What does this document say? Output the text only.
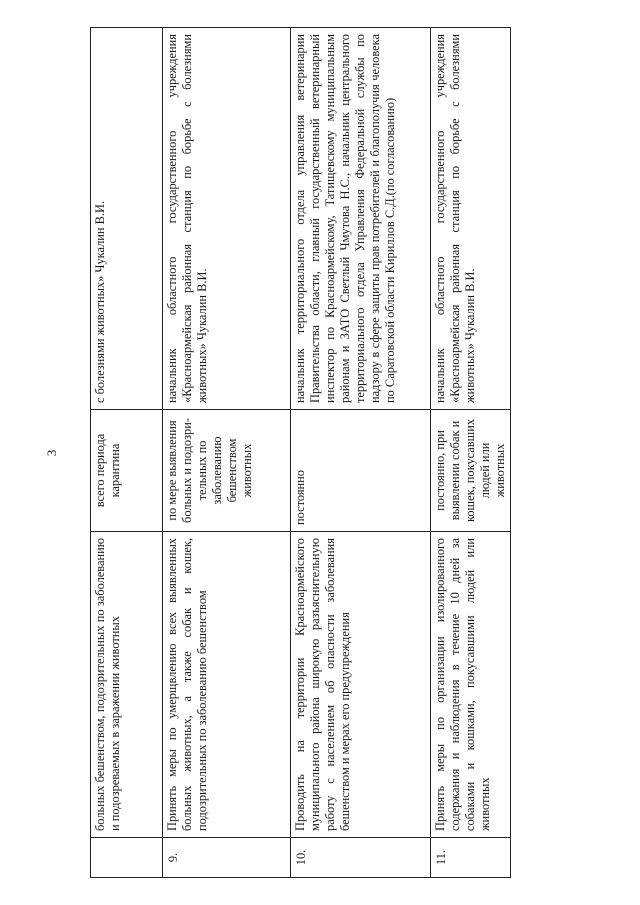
3
	больных бешенством, подозрительных по заболеванию и подозреваемых в заражении животных	всего периода карантина	с болезнями животных» Чукалин В.И.
9.	Принять меры по умерщвлению всех выявленных больных животных, а также собак и кошек, подозрительных по заболеванию бешенством	по мере выявления больных и подозри-тельных по заболеванию бешенством животных	начальник областного государственного учреждения «Красноармейская районная станция по борьбе с болезнями животных» Чукалин В.И.
10.	Проводить на территории Красноармейского муниципального района широкую разъяснительную работу с населением об опасности заболевания бешенством и мерах его предупреждения	постоянно	начальник территориального отдела управления ветеринарии Правительства области, главный государственный ветеринарный инспектор по Красноармейскому, Татищевскому муниципальным районам и ЗАТО Светлый Чмутова Н.С., начальник центрального территориального отдела Управления Федеральной службы по надзору в сфере защиты прав потребителей и благополучия человека по Саратовской области Кириллов С.Д.(по согласованию)
11.	Принять меры по организации изолированного содержания и наблюдения в течение 10 дней за собаками и кошками, покусавшими людей или животных	постоянно, при выявлении собак и кошек, покусавших людей или животных	начальник областного государственного учреждения «Красноармейская районная станция по борьбе с болезнями животных» Чукалин В.И.
